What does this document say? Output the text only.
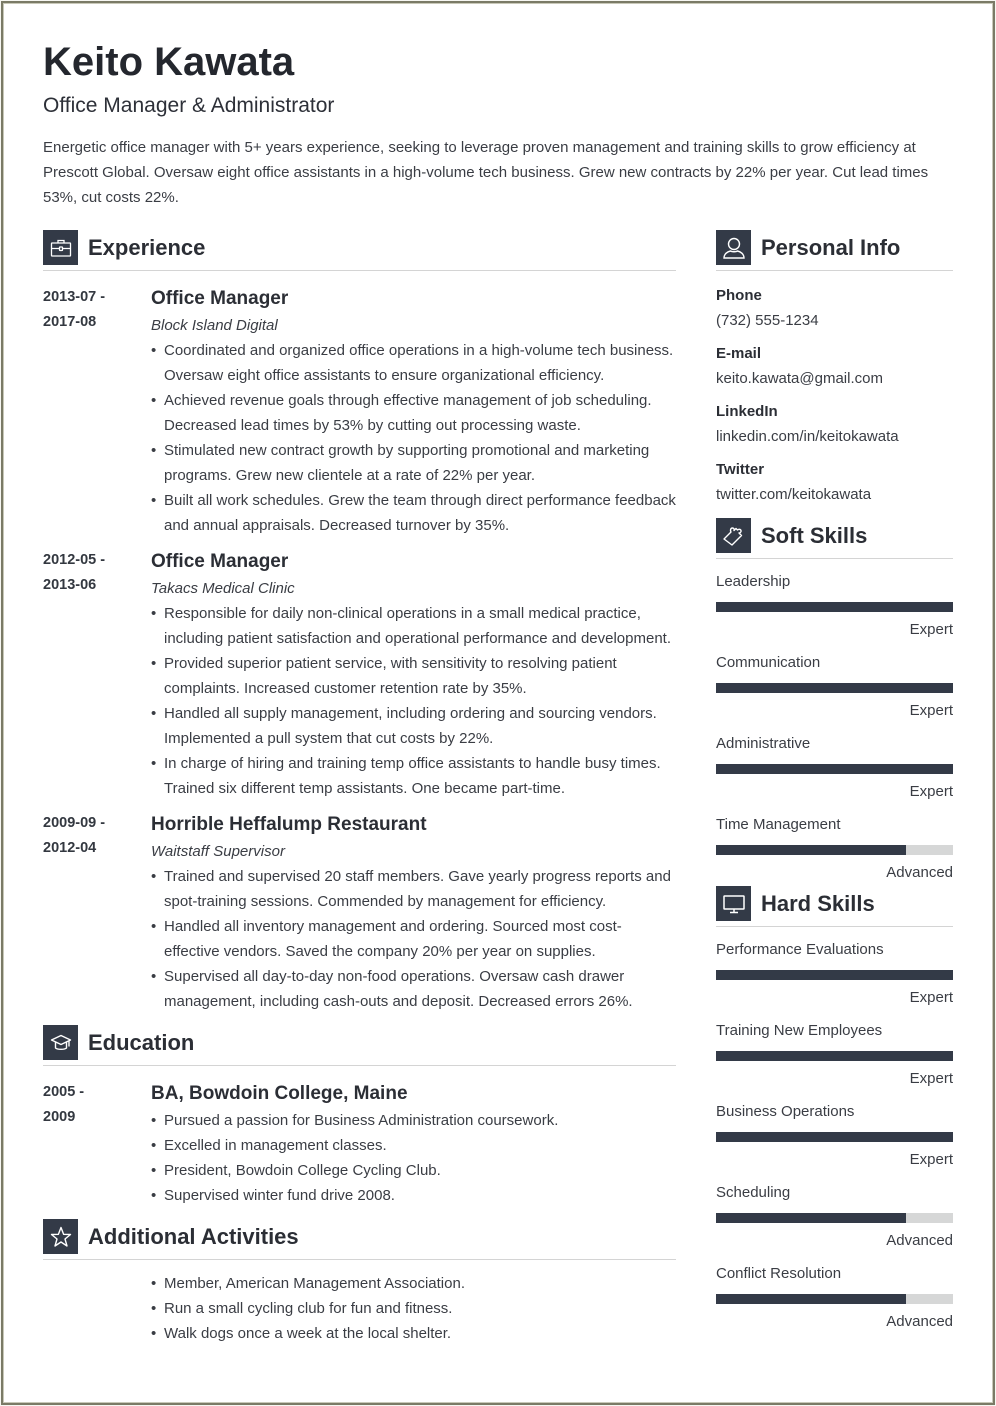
Keito Kawata
Office Manager & Administrator
Energetic office manager with 5+ years experience, seeking to leverage proven management and training skills to grow efficiency at Prescott Global. Oversaw eight office assistants in a high-volume tech business. Grew new contracts by 22% per year. Cut lead times 53%, cut costs 22%.
Experience
2013-07 -
2017-08
Office Manager
Block Island Digital
• Coordinated and organized office operations in a high-volume tech business. Oversaw eight office assistants to ensure organizational efficiency.
• Achieved revenue goals through effective management of job scheduling. Decreased lead times by 53% by cutting out processing waste.
• Stimulated new contract growth by supporting promotional and marketing programs. Grew new clientele at a rate of 22% per year.
• Built all work schedules. Grew the team through direct performance feedback and annual appraisals. Decreased turnover by 35%.
2012-05 -
2013-06
Office Manager
Takacs Medical Clinic
• Responsible for daily non-clinical operations in a small medical practice, including patient satisfaction and operational performance and development.
• Provided superior patient service, with sensitivity to resolving patient complaints. Increased customer retention rate by 35%.
• Handled all supply management, including ordering and sourcing vendors. Implemented a pull system that cut costs by 22%.
• In charge of hiring and training temp office assistants to handle busy times. Trained six different temp assistants. One became part-time.
2009-09 -
2012-04
Horrible Heffalump Restaurant
Waitstaff Supervisor
• Trained and supervised 20 staff members. Gave yearly progress reports and spot-training sessions. Commended by management for efficiency.
• Handled all inventory management and ordering. Sourced most cost-effective vendors. Saved the company 20% per year on supplies.
• Supervised all day-to-day non-food operations. Oversaw cash drawer management, including cash-outs and deposit. Decreased errors 26%.
Education
2005 -
2009
BA, Bowdoin College, Maine
• Pursued a passion for Business Administration coursework.
• Excelled in management classes.
• President, Bowdoin College Cycling Club.
• Supervised winter fund drive 2008.
Additional Activities
• Member, American Management Association.
• Run a small cycling club for fun and fitness.
• Walk dogs once a week at the local shelter.
Personal Info
Phone
(732) 555-1234
E-mail
keito.kawata@gmail.com
LinkedIn
linkedin.com/in/keitokawata
Twitter
twitter.com/keitokawata
Soft Skills
Leadership
Expert
Communication
Expert
Administrative
Expert
Time Management
Advanced
Hard Skills
Performance Evaluations
Expert
Training New Employees
Expert
Business Operations
Expert
Scheduling
Advanced
Conflict Resolution
Advanced
